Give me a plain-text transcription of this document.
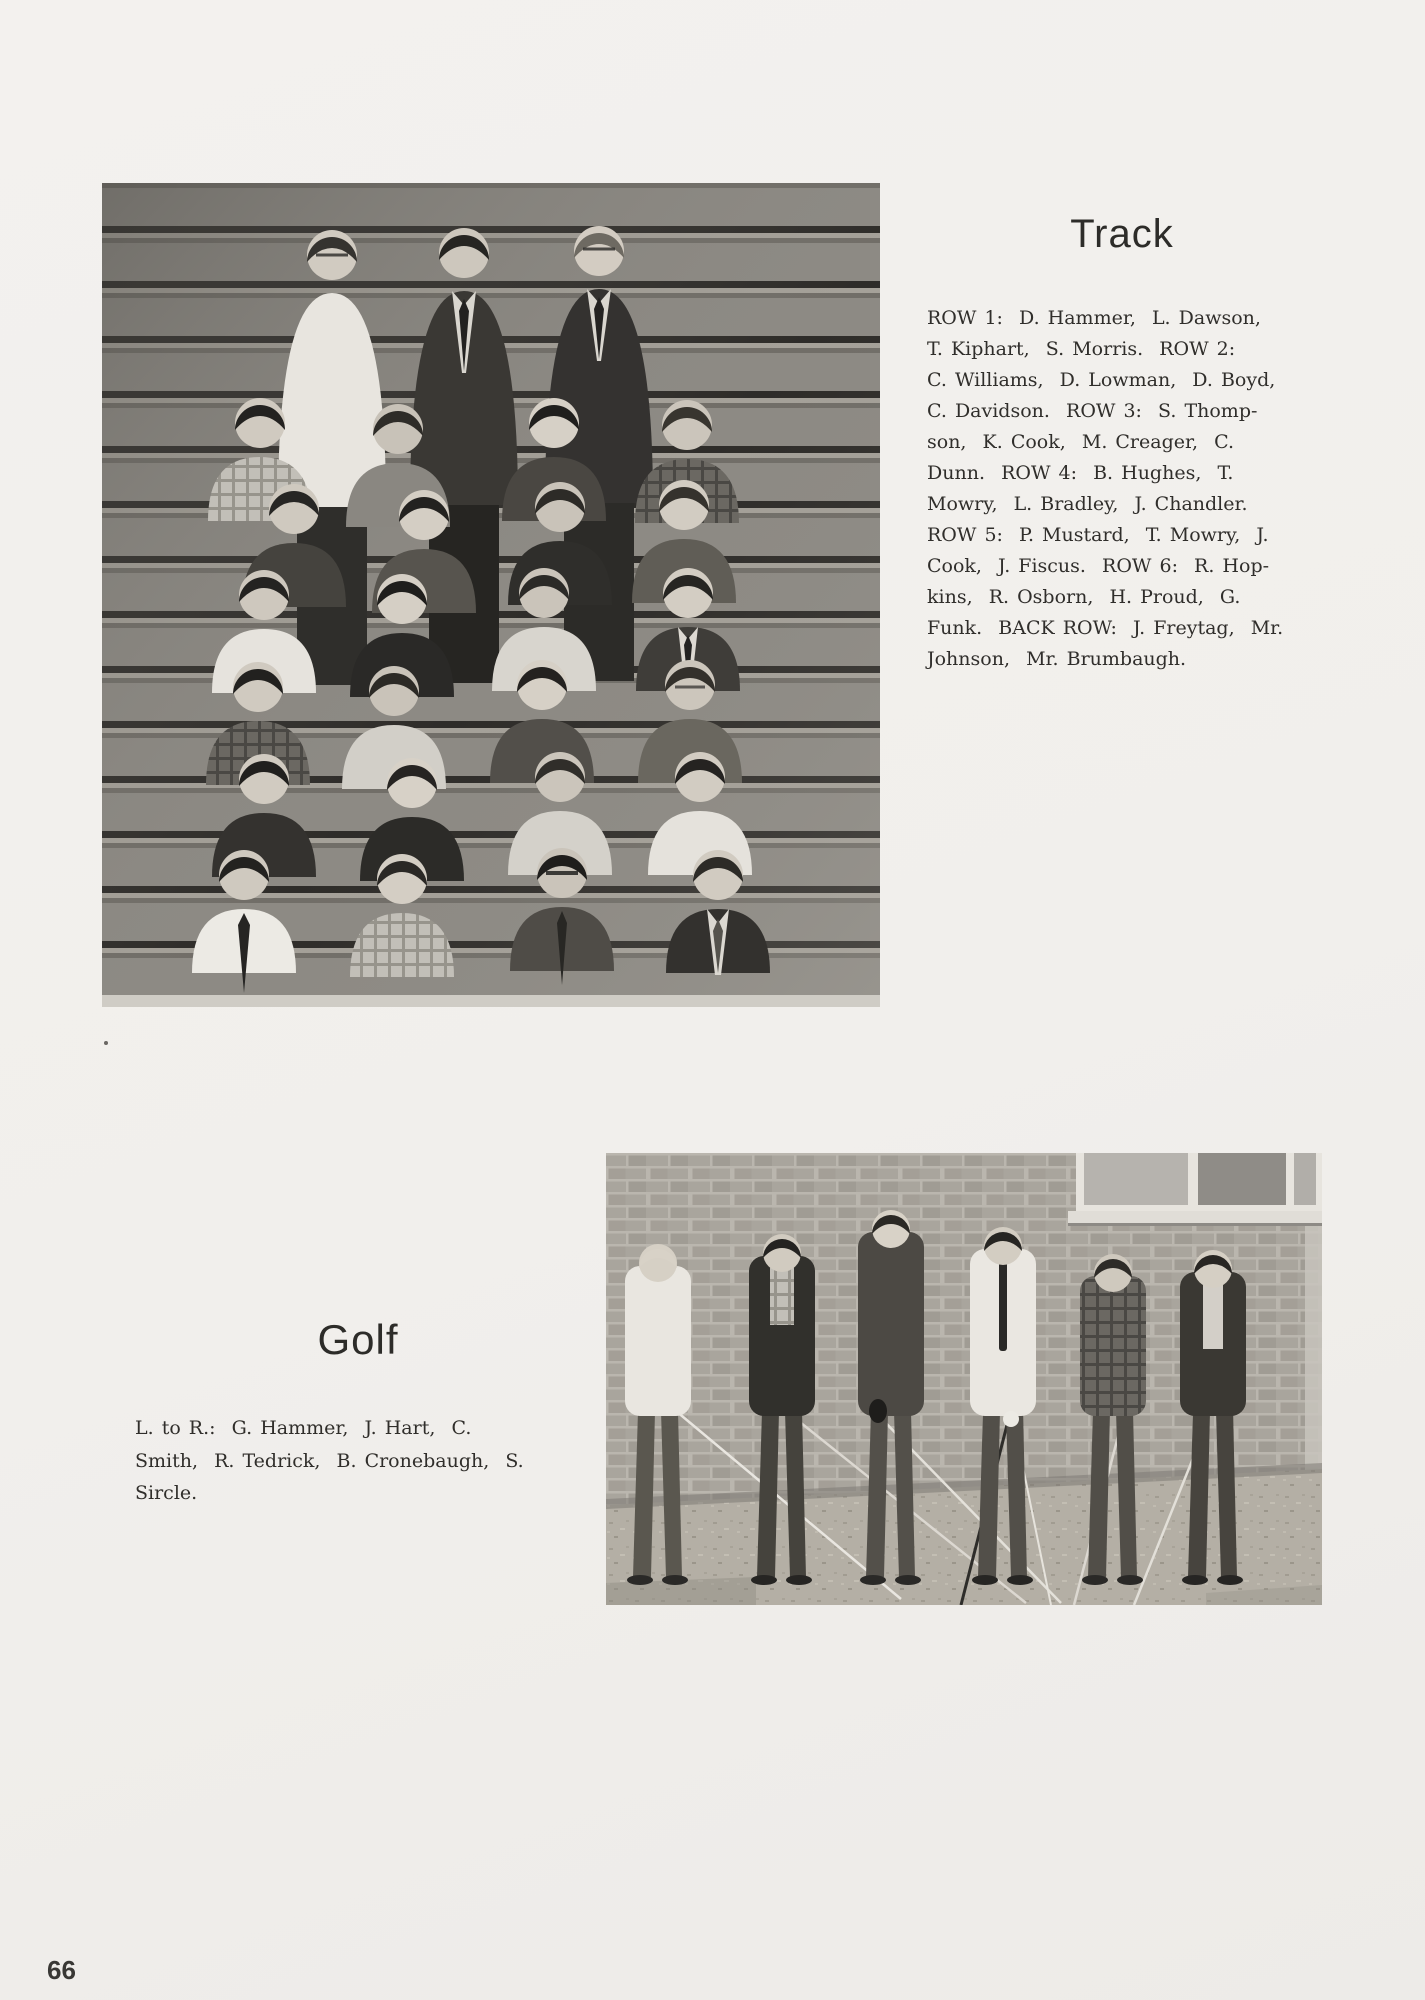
Track
ROW 1:  D. Hammer,  L. Dawson,
T. Kiphart,  S. Morris.  ROW 2:
C. Williams,  D. Lowman,  D. Boyd,
C. Davidson.  ROW 3:  S. Thomp-
son,  K. Cook,  M. Creager,  C.
Dunn.  ROW 4:  B. Hughes,  T.
Mowry,  L. Bradley,  J. Chandler.
ROW 5:  P. Mustard,  T. Mowry,  J.
Cook,  J. Fiscus.  ROW 6:  R. Hop-
kins,  R. Osborn,  H. Proud,  G.
Funk.  BACK ROW:  J. Freytag,  Mr.
Johnson,  Mr. Brumbaugh.
Golf
L. to R.:  G. Hammer,  J. Hart,  C.
Smith,  R. Tedrick,  B. Cronebaugh,  S.
Sircle.
66
